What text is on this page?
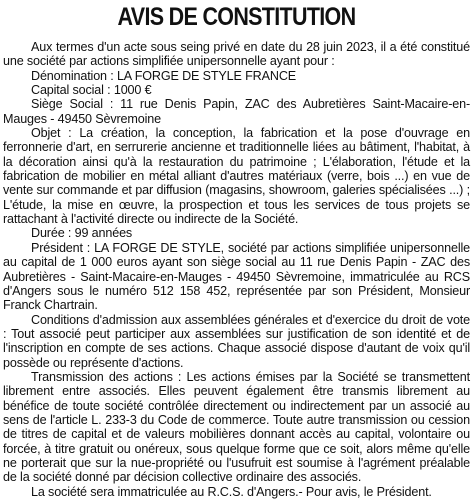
AVIS DE CONSTITUTION

Aux termes d'un acte sous seing privé en date du 28 juin 2023, il a été constitué une société par actions simplifiée unipersonnelle ayant pour :

Dénomination : LA FORGE DE STYLE FRANCE

Capital social : 1000 €

Siège Social : 11 rue Denis Papin, ZAC des Aubretières Saint-Macaire-en-Mauges - 49450 Sèvremoine

Objet : La création, la conception, la fabrication et la pose d'ouvrage en ferronnerie d'art, en serrurerie ancienne et traditionnelle liées au bâtiment, l'habitat, à la décoration ainsi qu'à la restauration du patrimoine ; L'élaboration, l'étude et la fabrication de mobilier en métal alliant d'autres matériaux (verre, bois ...) en vue de vente sur commande et par diffusion (magasins, showroom, galeries spécialisées ...) ; L'étude, la mise en œuvre, la prospection et tous les services de tous projets se rattachant à l'activité directe ou indirecte de la Société.

Durée : 99 années

Président : LA FORGE DE STYLE, société par actions simplifiée unipersonnelle au capital de 1 000 euros ayant son siège social au 11 rue Denis Papin - ZAC des Aubretières - Saint-Macaire-en-Mauges - 49450 Sèvremoine, immatriculée au RCS d'Angers sous le numéro 512 158 452, représentée par son Président, Monsieur Franck Chartrain.

Conditions d'admission aux assemblées générales et d'exercice du droit de vote : Tout associé peut participer aux assemblées sur justification de son identité et de l'inscription en compte de ses actions. Chaque associé dispose d'autant de voix qu'il possède ou représente d'actions.

Transmission des actions : Les actions émises par la Société se transmettent librement entre associés. Elles peuvent également être transmis librement au bénéfice de toute société contrôlée directement ou indirectement par un associé au sens de l'article L. 233-3 du Code de commerce. Toute autre transmission ou cession de titres de capital et de valeurs mobilières donnant accès au capital, volontaire ou forcée, à titre gratuit ou onéreux, sous quelque forme que ce soit, alors même qu'elle ne porterait que sur la nue-propriété ou l'usufruit est soumise à l'agrément préalable de la société donné par décision collective ordinaire des associés.

La société sera immatriculée au R.C.S. d'Angers.- Pour avis, le Président.
